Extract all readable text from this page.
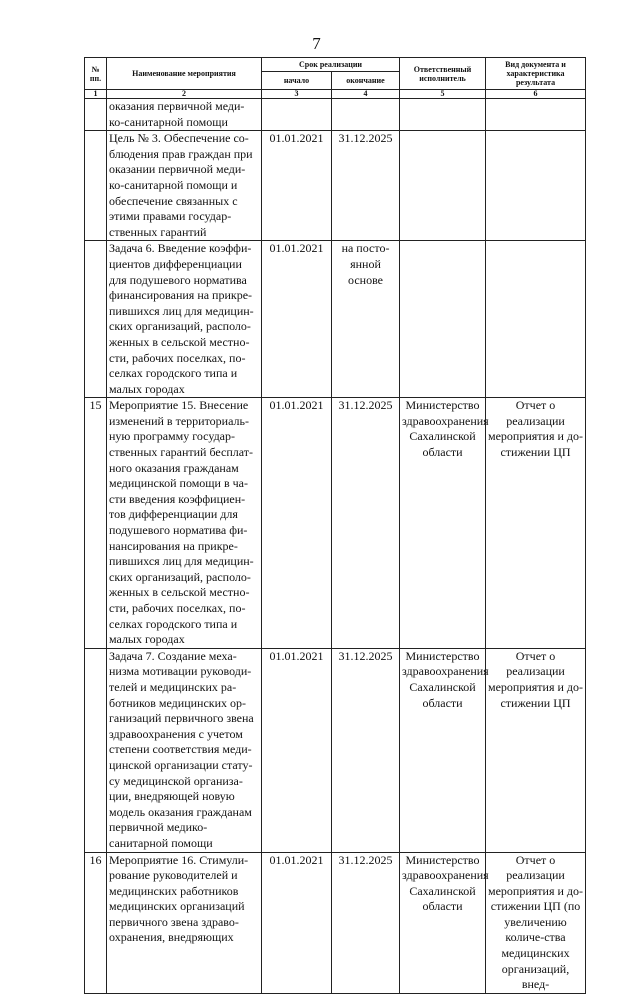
7
№ пп.	Наименование мероприятия	Срок реализации		Ответственный исполнитель	Вид документа и характеристика результата
		начало	окончание		
1	2	3	4	5	6
	оказания первичной меди-ко-санитарной помощи				
	Цель № 3. Обеспечение со-блюдения прав граждан при оказании первичной меди-ко-санитарной помощи и обеспечение связанных с этими правами государ-ственных гарантий	01.01.2021	31.12.2025		
	Задача 6. Введение коэффи-циентов дифференциации для подушевого норматива финансирования на прикре-пившихся лиц для медицин-ских организаций, располо-женных в сельской местно-сти, рабочих поселках, по-селках городского типа и малых городах	01.01.2021	на посто-янной основе		
15	Мероприятие 15. Внесение изменений в территориаль-ную программу государ-ственных гарантий бесплат-ного оказания гражданам медицинской помощи в ча-сти введения коэффициен-тов дифференциации для подушевого норматива фи-нансирования на прикре-пившихся лиц для медицин-ских организаций, располо-женных в сельской местно-сти, рабочих поселках, по-селках городского типа и малых городах	01.01.2021	31.12.2025	Министерство здравоохранения Сахалинской области	Отчет о реализации мероприятия и до-стижении ЦП
	Задача 7. Создание меха-низма мотивации руководи-телей и медицинских ра-ботников медицинских ор-ганизаций первичного звена здравоохранения с учетом степени соответствия меди-цинской организации стату-су медицинской организа-ции, внедряющей новую модель оказания гражданам первичной медико-санитарной помощи	01.01.2021	31.12.2025	Министерство здравоохранения Сахалинской области	Отчет о реализации мероприятия и до-стижении ЦП
16	Мероприятие 16. Стимули-рование руководителей и медицинских работников медицинских организаций первичного звена здраво-охранения, внедряющих	01.01.2021	31.12.2025	Министерство здравоохранения Сахалинской области	Отчет о реализации мероприятия и до-стижении ЦП (по увеличению количе-ства медицинских организаций, внед-
